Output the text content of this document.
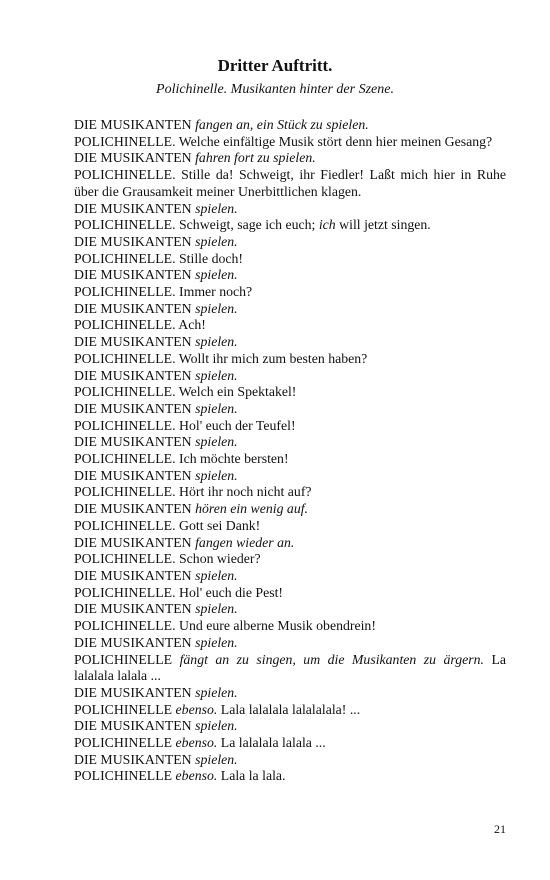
Dritter Auftritt.
Polichinelle. Musikanten hinter der Szene.
DIE MUSIKANTEN fangen an, ein Stück zu spielen.
POLICHINELLE. Welche einfältige Musik stört denn hier meinen Gesang?
DIE MUSIKANTEN fahren fort zu spielen.
POLICHINELLE. Stille da! Schweigt, ihr Fiedler! Laßt mich hier in Ruhe über die Grausamkeit meiner Unerbittlichen klagen.
DIE MUSIKANTEN spielen.
POLICHINELLE. Schweigt, sage ich euch; ich will jetzt singen.
DIE MUSIKANTEN spielen.
POLICHINELLE. Stille doch!
DIE MUSIKANTEN spielen.
POLICHINELLE. Immer noch?
DIE MUSIKANTEN spielen.
POLICHINELLE. Ach!
DIE MUSIKANTEN spielen.
POLICHINELLE. Wollt ihr mich zum besten haben?
DIE MUSIKANTEN spielen.
POLICHINELLE. Welch ein Spektakel!
DIE MUSIKANTEN spielen.
POLICHINELLE. Hol' euch der Teufel!
DIE MUSIKANTEN spielen.
POLICHINELLE. Ich möchte bersten!
DIE MUSIKANTEN spielen.
POLICHINELLE. Hört ihr noch nicht auf?
DIE MUSIKANTEN hören ein wenig auf.
POLICHINELLE. Gott sei Dank!
DIE MUSIKANTEN fangen wieder an.
POLICHINELLE. Schon wieder?
DIE MUSIKANTEN spielen.
POLICHINELLE. Hol' euch die Pest!
DIE MUSIKANTEN spielen.
POLICHINELLE. Und eure alberne Musik obendrein!
DIE MUSIKANTEN spielen.
POLICHINELLE fängt an zu singen, um die Musikanten zu ärgern. La lalalala lalala ...
DIE MUSIKANTEN spielen.
POLICHINELLE ebenso. Lala lalalala lalalalala! ...
DIE MUSIKANTEN spielen.
POLICHINELLE ebenso. La lalalala lalala ...
DIE MUSIKANTEN spielen.
POLICHINELLE ebenso. Lala la lala.
21
